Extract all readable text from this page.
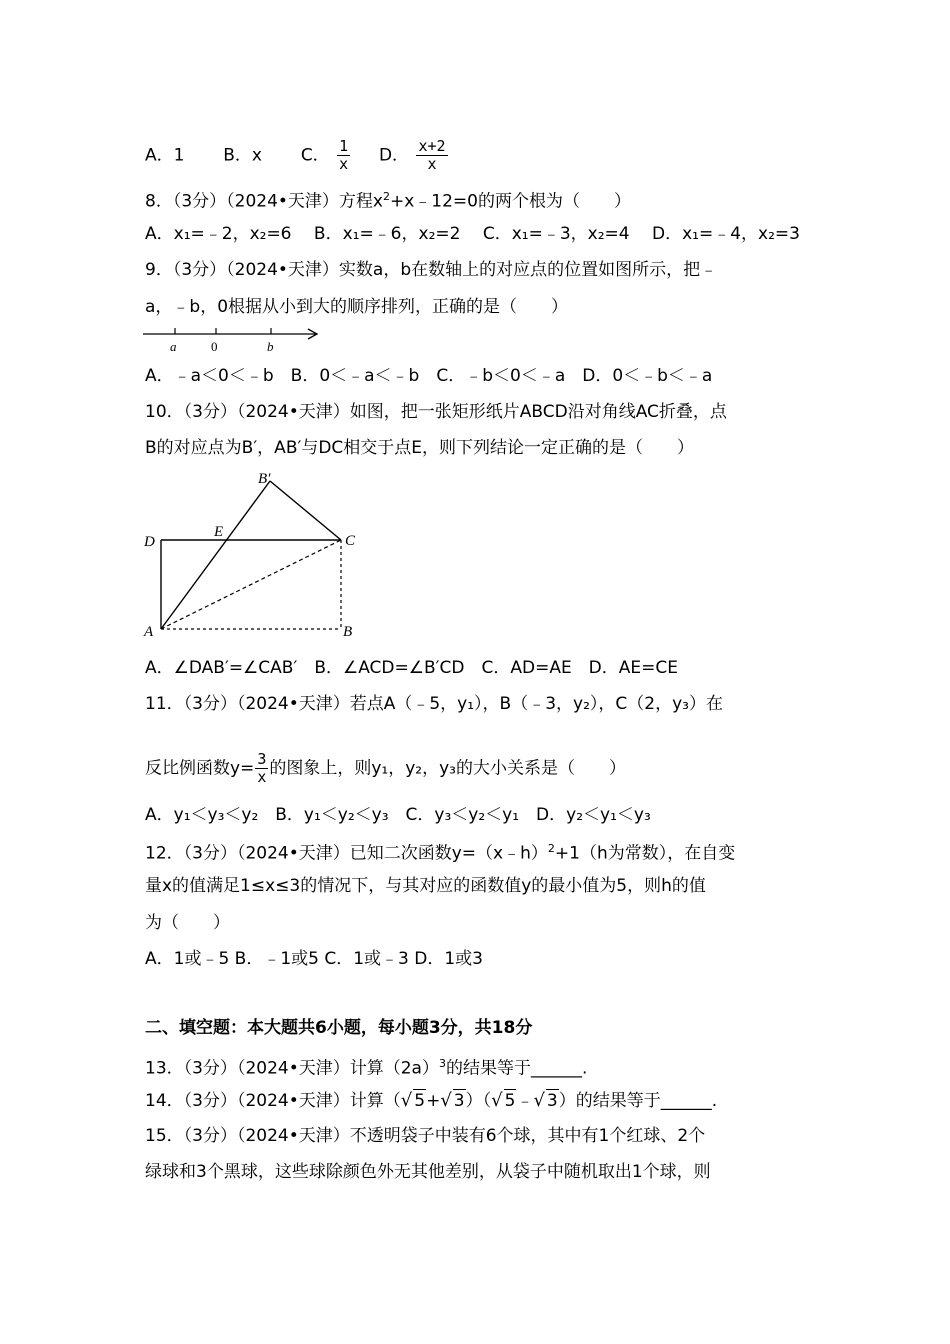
A．1 B．x C． $\frac{1}{x}$ D． $\frac{x+2}{x}$
8．（3分）（2024•天津）方程$x^2+x﹣12=0$的两个根为（　　）
A．x₁=﹣2，x₂=6　 B．x₁=﹣6，x₂=2　 C．x₁=﹣3，x₂=4　 D．x₁=﹣4，x₂=3
9．（3分）（2024•天津）实数a，b在数轴上的对应点的位置如图所示，把﹣
a，﹣b，0根据从小到大的顺序排列，正确的是（　　）
a	0	b
A．﹣a＜0＜﹣b　B．0＜﹣a＜﹣b　C．﹣b＜0＜﹣a　D．0＜﹣b＜﹣a
10．（3分）（2024•天津）如图，把一张矩形纸片ABCD沿对角线AC折叠，点
B的对应点为B′，AB′与DC相交于点E，则下列结论一定正确的是（　　）
B′
D
E
C
A	B
A．∠DAB′=∠CAB′　B．∠ACD=∠B′CD　C．AD=AE　D．AE=CE
11．（3分）（2024•天津）若点A（﹣5，y₁），B（﹣3，y₂），C（2，y₃）在
反比例函数$y= \frac{3}{x}$ 的图象上，则y₁，y₂，y₃的大小关系是（　　）
A．y₁＜y₃＜y₂　B．y₁＜y₂＜y₃　C．y₃＜y₂＜y₁　D．y₂＜y₁＜y₃
12．（3分）（2024•天津）已知二次函数y=（x﹣h）$^2$+1（h为常数），在自变
量x的值满足1≤x≤3的情况下，与其对应的函数值y的最小值为5，则h的值
为（　　）
A．1或﹣5 B．﹣1或5 C．1或﹣3 D．1或3
二、填空题：本大题共6小题，每小题3分，共18分
13．（3分）（2024•天津）计算$(2a)^3$的结果等于______.
14．（3分）（2024•天津）计算（√ 5+√ 3）（√ 5﹣√ 3）的结果等于______.
15．（3分）（2024•天津）不透明袋子中装有6个球，其中有1个红球、2个
绿球和3个黑球，这些球除颜色外无其他差别，从袋子中随机取出1个球，则
